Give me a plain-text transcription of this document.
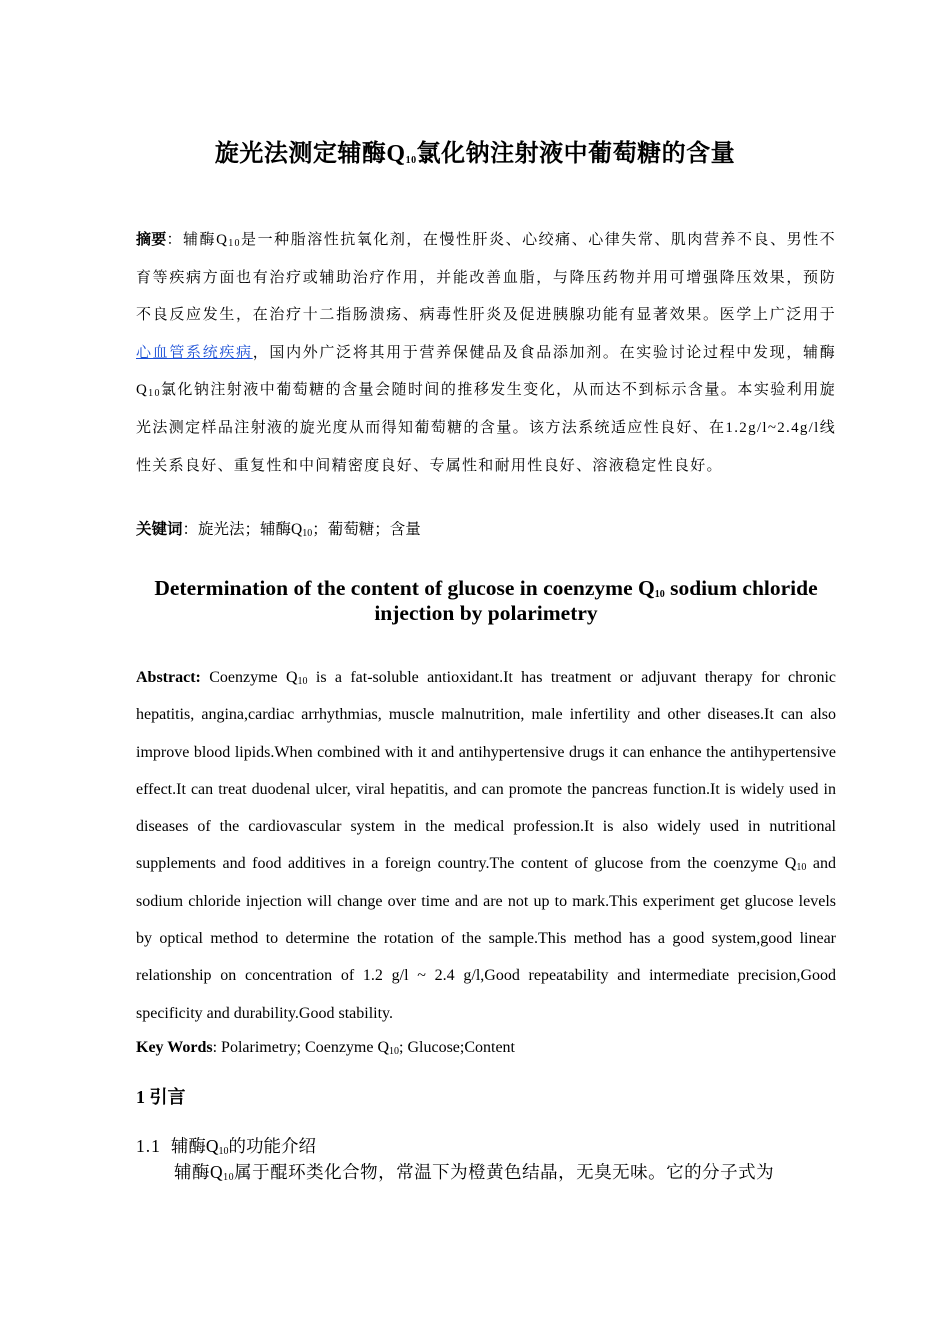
旋光法测定辅酶$Q_{10}$氯化钠注射液中葡萄糖的含量
摘要：辅酶$Q_{10}$是一种脂溶性抗氧化剂，在慢性肝炎、心绞痛、心律失常、肌肉营养不良、男性不育等疾病方面也有治疗或辅助治疗作用，并能改善血脂，与降压药物并用可增强降压效果，预防不良反应发生，在治疗十二指肠溃疡、病毒性肝炎及促进胰腺功能有显著效果。医学上广泛用于心血管系统疾病，国内外广泛将其用于营养保健品及食品添加剂。在实验讨论过程中发现，辅酶$Q_{10}$氯化钠注射液中葡萄糖的含量会随时间的推移发生变化，从而达不到标示含量。本实验利用旋光法测定样品注射液的旋光度从而得知葡萄糖的含量。该方法系统适应性良好、在1.2g/l~2.4g/l线性关系良好、重复性和中间精密度良好、专属性和耐用性良好、溶液稳定性良好。
关键词：旋光法；辅酶$Q_{10}$；葡萄糖；含量
Determination of the content of glucose in coenzyme $Q_{10}$ sodium chloride injection by polarimetry
Abstract: Coenzyme $Q_{10}$ is a fat-soluble antioxidant.It has treatment or adjuvant therapy for chronic hepatitis, angina,cardiac arrhythmias, muscle malnutrition, male infertility and other diseases.It can also improve blood lipids.When combined with it and antihypertensive drugs it can enhance the antihypertensive effect.It can treat duodenal ulcer, viral hepatitis, and can promote the pancreas function.It is widely used in diseases of the cardiovascular system in the medical profession.It is also widely used in nutritional supplements and food additives in a foreign country.The content of glucose from the coenzyme $Q_{10}$ and sodium chloride injection will change over time and are not up to mark.This experiment get glucose levels by optical method to determine the rotation of the sample.This method has a good system,good linear relationship on concentration of 1.2 g/l ~ 2.4 g/l,Good repeatability and intermediate precision,Good specificity and durability.Good stability.
Key Words: Polarimetry; Coenzyme $Q_{10}$; Glucose;Content
1 引言
1.1 辅酶$Q_{10}$的功能介绍
辅酶$Q_{10}$属于醌环类化合物，常温下为橙黄色结晶，无臭无味。它的分子式为
